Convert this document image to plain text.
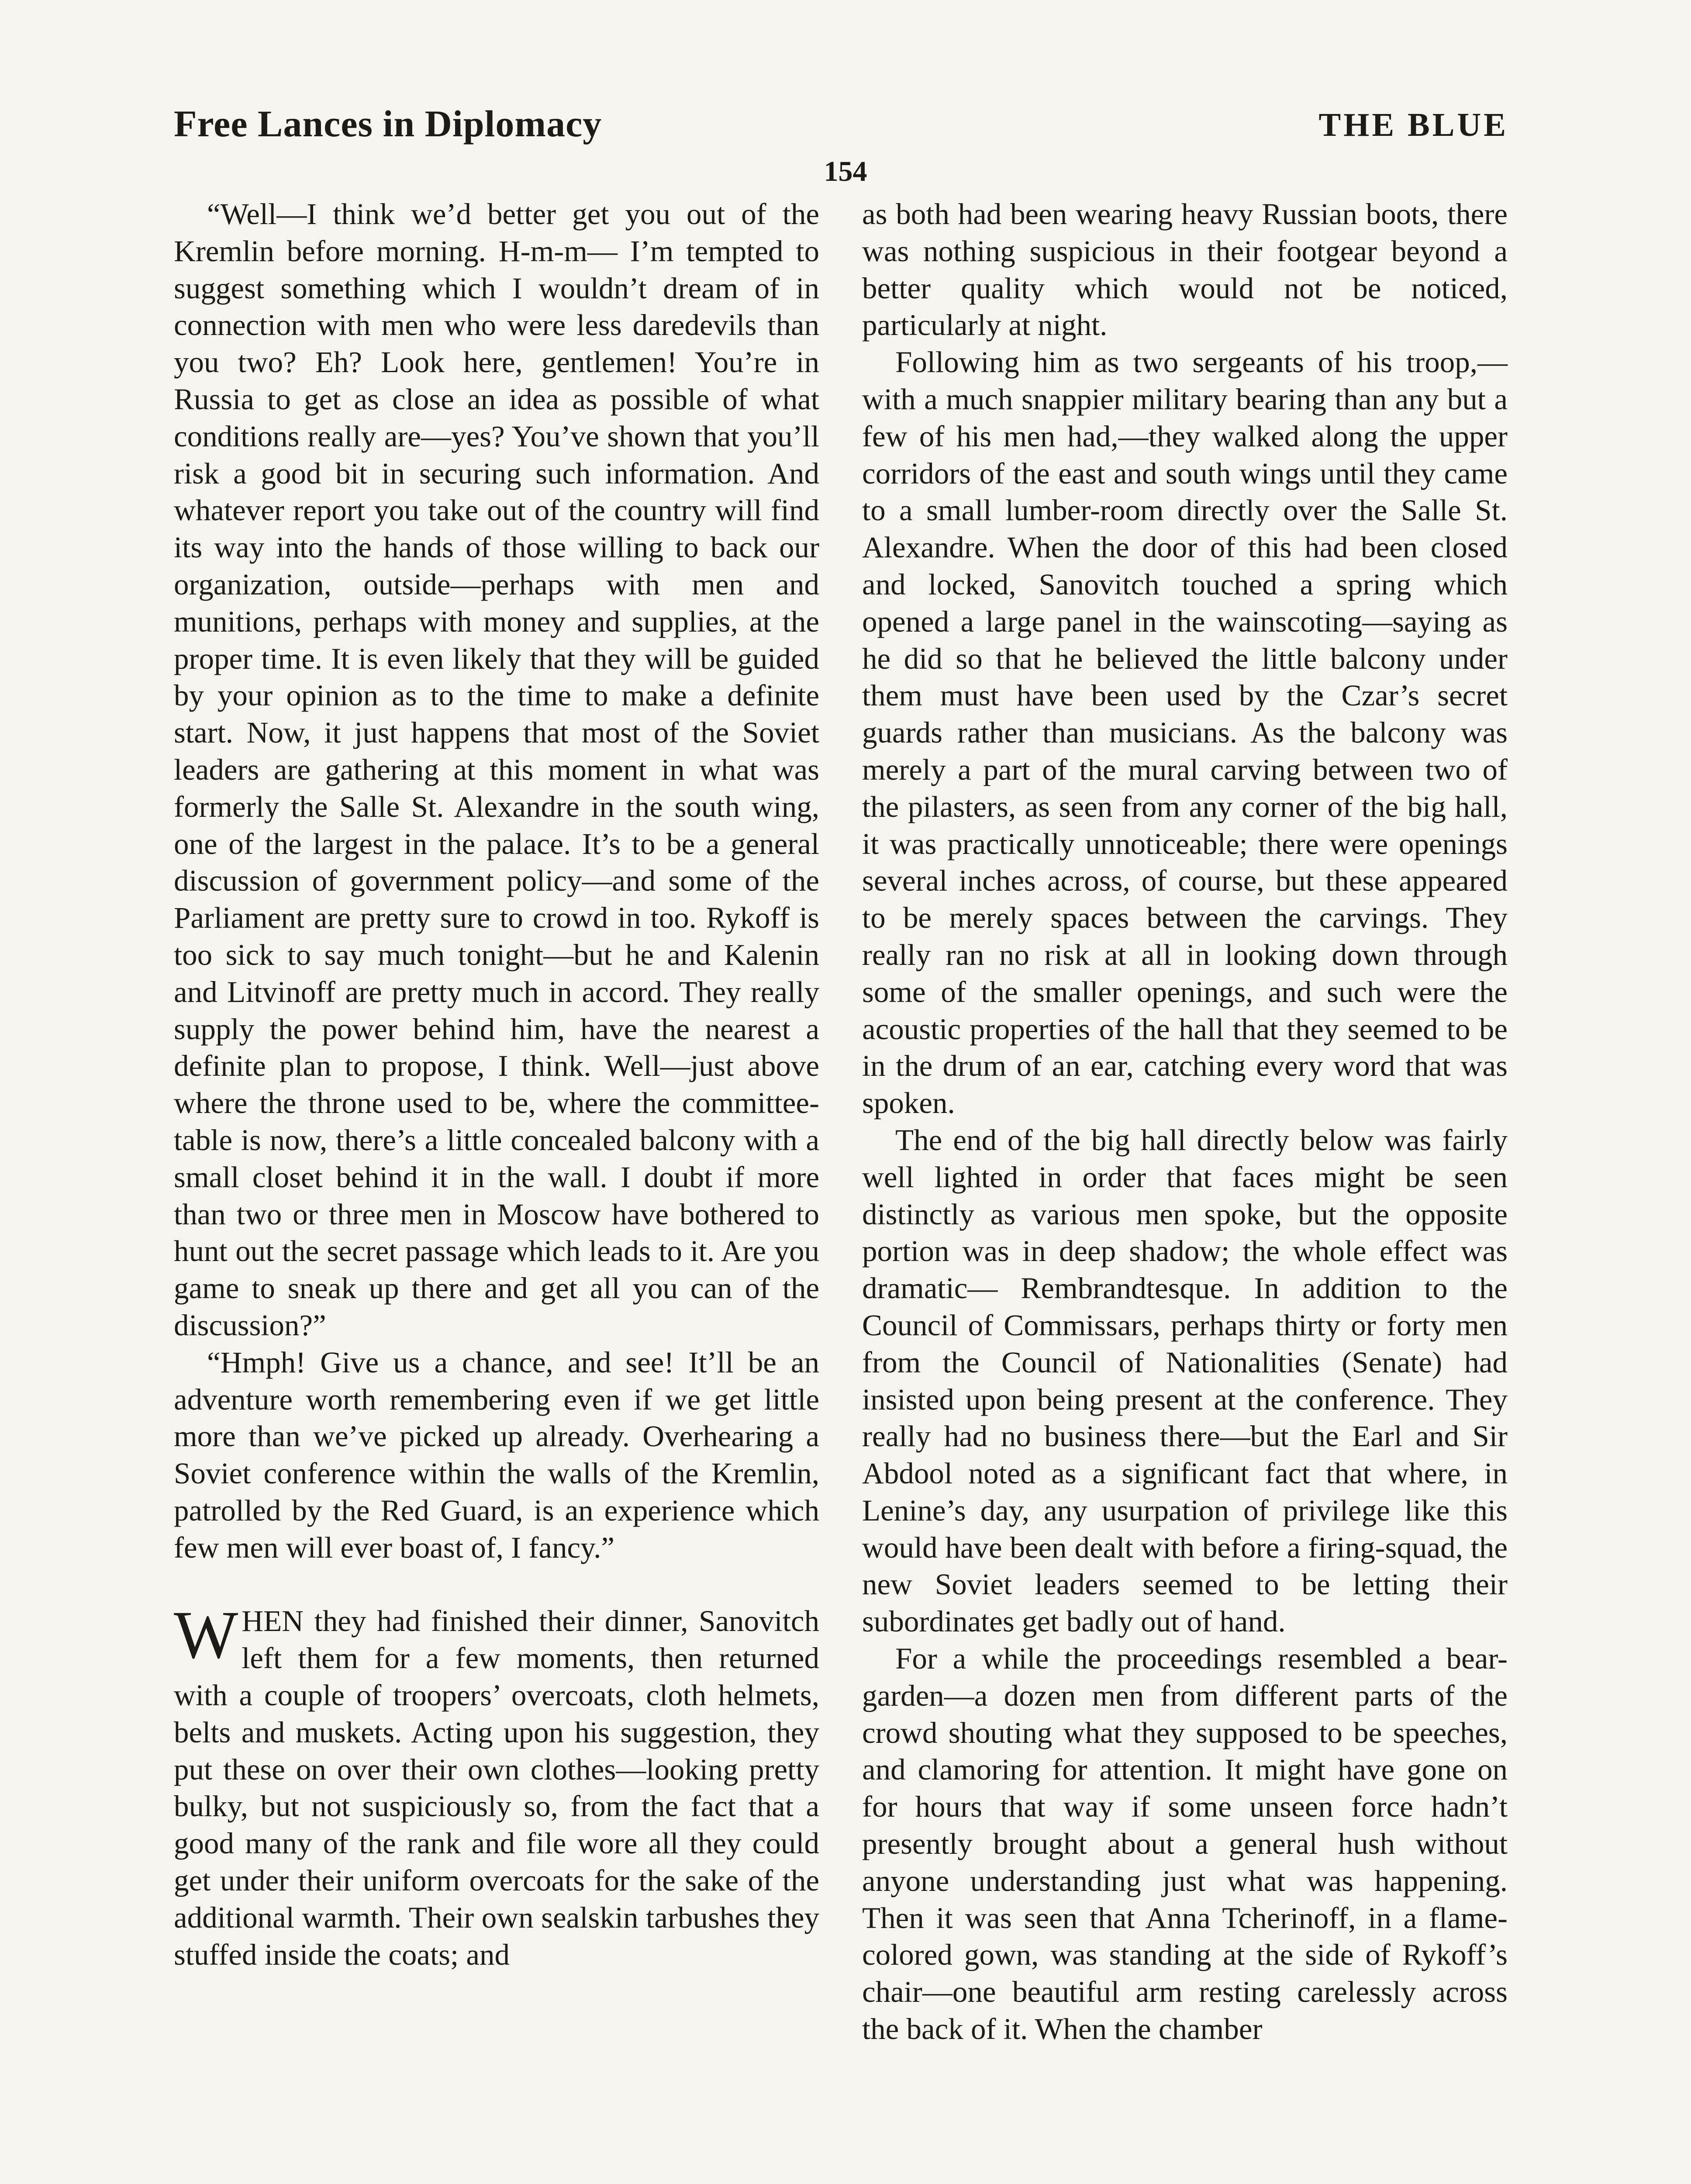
Free Lances in Diplomacy	THE BLUE
154

“Well—I think we’d better get you out of the Kremlin before morning. H-m-m— I’m tempted to suggest something which I wouldn’t dream of in connection with men who were less daredevils than you two? Eh? Look here, gentlemen! You’re in Russia to get as close an idea as possible of what conditions really are—yes? You’ve shown that you’ll risk a good bit in securing such information. And whatever report you take out of the country will find its way into the hands of those willing to back our organization, outside—perhaps with men and munitions, perhaps with money and supplies, at the proper time. It is even likely that they will be guided by your opinion as to the time to make a definite start. Now, it just happens that most of the Soviet leaders are gathering at this moment in what was formerly the Salle St. Alexandre in the south wing, one of the largest in the palace. It’s to be a general discussion of government policy—and some of the Parliament are pretty sure to crowd in too. Rykoff is too sick to say much tonight—but he and Kalenin and Litvinoff are pretty much in accord. They really supply the power behind him, have the nearest a definite plan to propose, I think. Well—just above where the throne used to be, where the committee-table is now, there’s a little concealed balcony with a small closet behind it in the wall. I doubt if more than two or three men in Moscow have bothered to hunt out the secret passage which leads to it. Are you game to sneak up there and get all you can of the discussion?”

“Hmph! Give us a chance, and see! It’ll be an adventure worth remembering even if we get little more than we’ve picked up already. Overhearing a Soviet conference within the walls of the Kremlin, patrolled by the Red Guard, is an experience which few men will ever boast of, I fancy.”

WHEN they had finished their dinner, Sanovitch left them for a few moments, then returned with a couple of troopers’ overcoats, cloth helmets, belts and muskets. Acting upon his suggestion, they put these on over their own clothes—looking pretty bulky, but not suspiciously so, from the fact that a good many of the rank and file wore all they could get under their uniform overcoats for the sake of the additional warmth. Their own sealskin tarbushes they stuffed inside the coats; and

as both had been wearing heavy Russian boots, there was nothing suspicious in their footgear beyond a better quality which would not be noticed, particularly at night.

Following him as two sergeants of his troop,—with a much snappier military bearing than any but a few of his men had,—they walked along the upper corridors of the east and south wings until they came to a small lumber-room directly over the Salle St. Alexandre. When the door of this had been closed and locked, Sanovitch touched a spring which opened a large panel in the wainscoting—saying as he did so that he believed the little balcony under them must have been used by the Czar’s secret guards rather than musicians. As the balcony was merely a part of the mural carving between two of the pilasters, as seen from any corner of the big hall, it was practically unnoticeable; there were openings several inches across, of course, but these appeared to be merely spaces between the carvings. They really ran no risk at all in looking down through some of the smaller openings, and such were the acoustic properties of the hall that they seemed to be in the drum of an ear, catching every word that was spoken.

The end of the big hall directly below was fairly well lighted in order that faces might be seen distinctly as various men spoke, but the opposite portion was in deep shadow; the whole effect was dramatic— Rembrandtesque. In addition to the Council of Commissars, perhaps thirty or forty men from the Council of Nationalities (Senate) had insisted upon being present at the conference. They really had no business there—but the Earl and Sir Abdool noted as a significant fact that where, in Lenine’s day, any usurpation of privilege like this would have been dealt with before a firing-squad, the new Soviet leaders seemed to be letting their subordinates get badly out of hand.

For a while the proceedings resembled a bear-garden—a dozen men from different parts of the crowd shouting what they supposed to be speeches, and clamoring for attention. It might have gone on for hours that way if some unseen force hadn’t presently brought about a general hush without anyone understanding just what was happening. Then it was seen that Anna Tcherinoff, in a flame-colored gown, was standing at the side of Rykoff’s chair—one beautiful arm resting carelessly across the back of it. When the chamber
